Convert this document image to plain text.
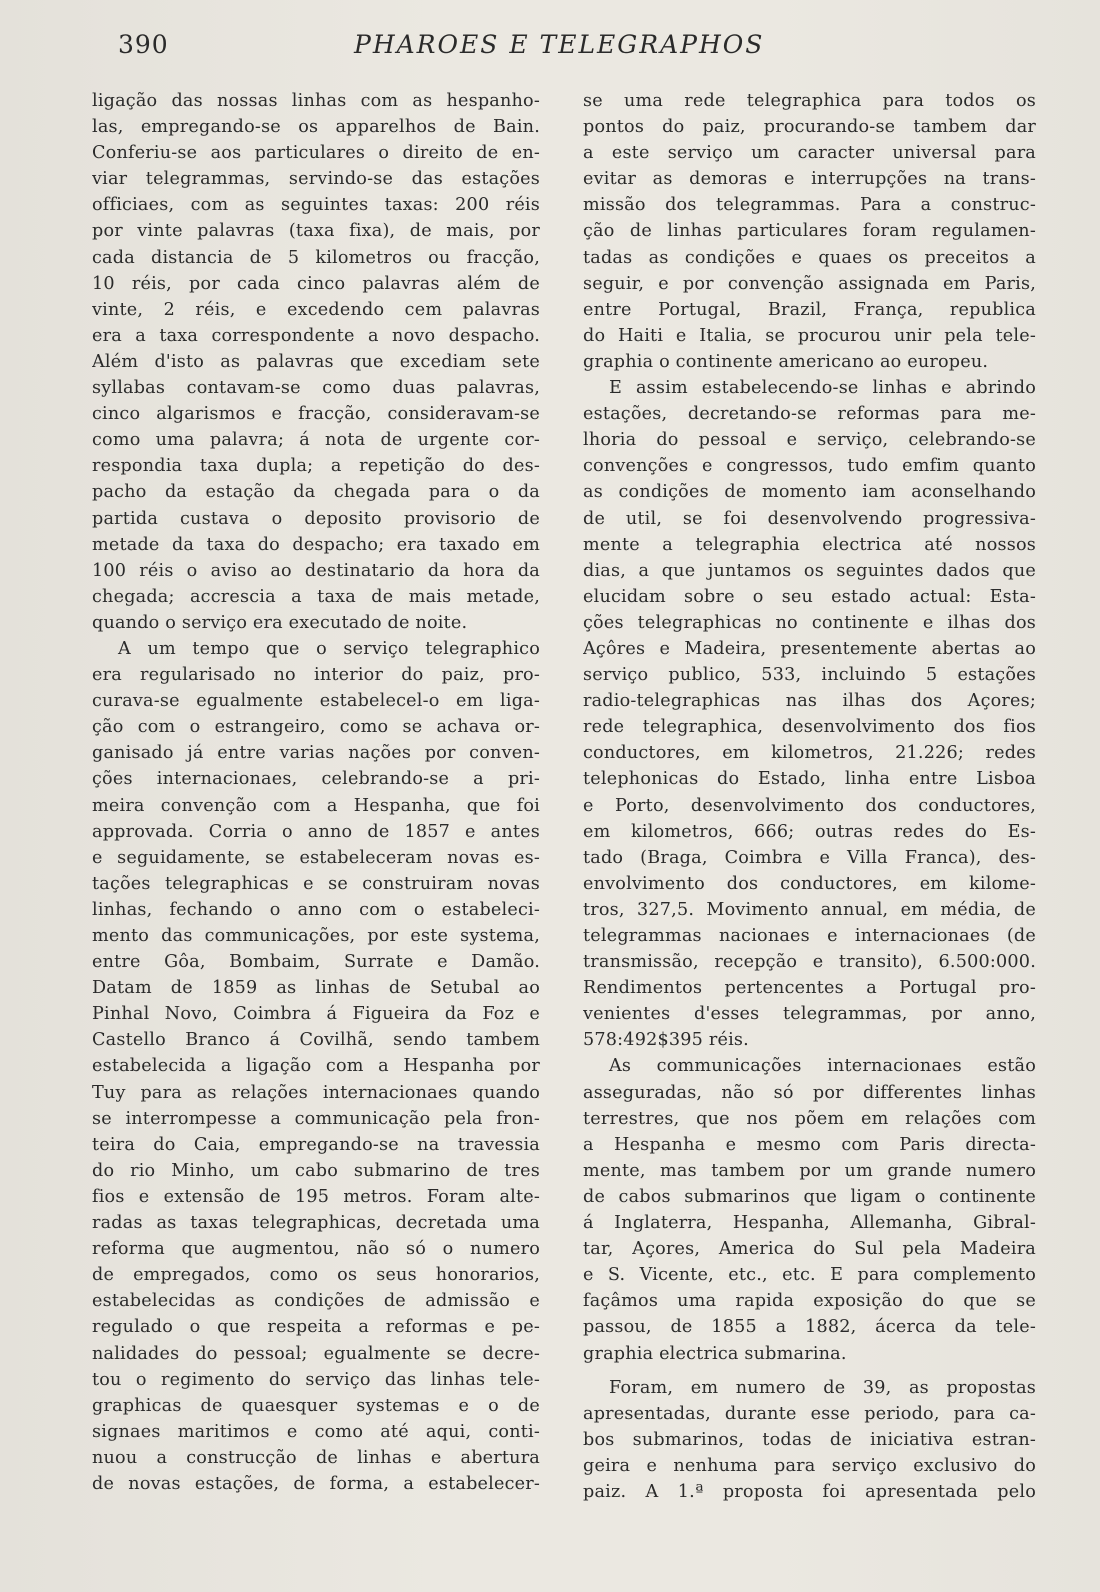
390	PHAROES E TELEGRAPHOS
ligação das nossas linhas com as hespanho-
las, empregando-se os apparelhos de Bain.
Conferiu-se aos particulares o direito de en-
viar telegrammas, servindo-se das estações
officiaes, com as seguintes taxas: 200 réis
por vinte palavras (taxa fixa), de mais, por
cada distancia de 5 kilometros ou fracção,
10 réis, por cada cinco palavras além de
vinte, 2 réis, e excedendo cem palavras
era a taxa correspondente a novo despacho.
Além d'isto as palavras que excediam sete
syllabas contavam-se como duas palavras,
cinco algarismos e fracção, consideravam-se
como uma palavra; á nota de urgente cor-
respondia taxa dupla; a repetição do des-
pacho da estação da chegada para o da
partida custava o deposito provisorio de
metade da taxa do despacho; era taxado em
100 réis o aviso ao destinatario da hora da
chegada; accrescia a taxa de mais metade,
quando o serviço era executado de noite.
A um tempo que o serviço telegraphico
era regularisado no interior do paiz, pro-
curava-se egualmente estabelecel-o em liga-
ção com o estrangeiro, como se achava or-
ganisado já entre varias nações por conven-
ções internacionaes, celebrando-se a pri-
meira convenção com a Hespanha, que foi
approvada. Corria o anno de 1857 e antes
e seguidamente, se estabeleceram novas es-
tações telegraphicas e se construiram novas
linhas, fechando o anno com o estabeleci-
mento das communicações, por este systema,
entre Gôa, Bombaim, Surrate e Damão.
Datam de 1859 as linhas de Setubal ao
Pinhal Novo, Coimbra á Figueira da Foz e
Castello Branco á Covilhã, sendo tambem
estabelecida a ligação com a Hespanha por
Tuy para as relações internacionaes quando
se interrompesse a communicação pela fron-
teira do Caia, empregando-se na travessia
do rio Minho, um cabo submarino de tres
fios e extensão de 195 metros. Foram alte-
radas as taxas telegraphicas, decretada uma
reforma que augmentou, não só o numero
de empregados, como os seus honorarios,
estabelecidas as condições de admissão e
regulado o que respeita a reformas e pe-
nalidades do pessoal; egualmente se decre-
tou o regimento do serviço das linhas tele-
graphicas de quaesquer systemas e o de
signaes maritimos e como até aqui, conti-
nuou a construcção de linhas e abertura
de novas estações, de forma, a estabelecer-
se uma rede telegraphica para todos os
pontos do paiz, procurando-se tambem dar
a este serviço um caracter universal para
evitar as demoras e interrupções na trans-
missão dos telegrammas. Para a construc-
ção de linhas particulares foram regulamen-
tadas as condições e quaes os preceitos a
seguir, e por convenção assignada em Paris,
entre Portugal, Brazil, França, republica
do Haiti e Italia, se procurou unir pela tele-
graphia o continente americano ao europeu.
E assim estabelecendo-se linhas e abrindo
estações, decretando-se reformas para me-
lhoria do pessoal e serviço, celebrando-se
convenções e congressos, tudo emfim quanto
as condições de momento iam aconselhando
de util, se foi desenvolvendo progressiva-
mente a telegraphia electrica até nossos
dias, a que juntamos os seguintes dados que
elucidam sobre o seu estado actual: Esta-
ções telegraphicas no continente e ilhas dos
Açôres e Madeira, presentemente abertas ao
serviço publico, 533, incluindo 5 estações
radio-telegraphicas nas ilhas dos Açores;
rede telegraphica, desenvolvimento dos fios
conductores, em kilometros, 21.226; redes
telephonicas do Estado, linha entre Lisboa
e Porto, desenvolvimento dos conductores,
em kilometros, 666; outras redes do Es-
tado (Braga, Coimbra e Villa Franca), des-
envolvimento dos conductores, em kilome-
tros, 327,5. Movimento annual, em média, de
telegrammas nacionaes e internacionaes (de
transmissão, recepção e transito), 6.500:000.
Rendimentos pertencentes a Portugal pro-
venientes d'esses telegrammas, por anno,
578:492$395 réis.
As communicações internacionaes estão
asseguradas, não só por differentes linhas
terrestres, que nos põem em relações com
a Hespanha e mesmo com Paris directa-
mente, mas tambem por um grande numero
de cabos submarinos que ligam o continente
á Inglaterra, Hespanha, Allemanha, Gibral-
tar, Açores, America do Sul pela Madeira
e S. Vicente, etc., etc. E para complemento
façâmos uma rapida exposição do que se
passou, de 1855 a 1882, ácerca da tele-
graphia electrica submarina.
Foram, em numero de 39, as propostas
apresentadas, durante esse periodo, para ca-
bos submarinos, todas de iniciativa estran-
geira e nenhuma para serviço exclusivo do
paiz. A 1.ª proposta foi apresentada pelo
